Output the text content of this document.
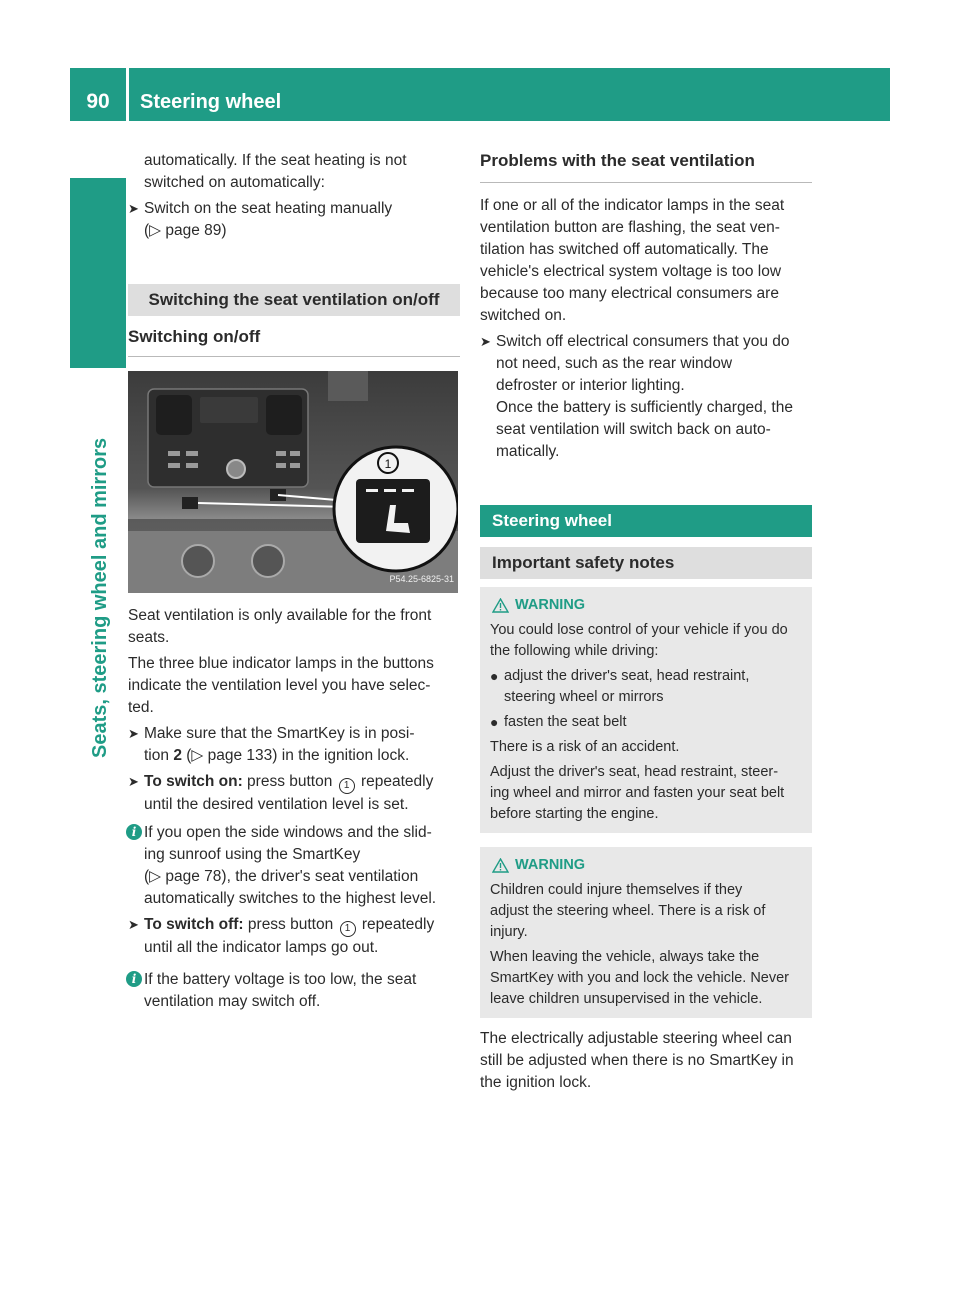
90	Steering wheel
Seats, steering wheel and mirrors

automatically. If the seat heating is not

switched on automatically:

➤ Switch on the seat heating manually

(▷ page 89)

Switching the seat ventilation on/off
Switching on/off
1
P54.25-6825-31

Seat ventilation is only available for the front

seats.

The three blue indicator lamps in the buttons

indicate the ventilation level you have selec-

ted.

➤ Make sure that the SmartKey is in posi-

tion 2 (▷ page 133) in the ignition lock.

➤ To switch on: press button 1 repeatedly

until the desired ventilation level is set.

i If you open the side windows and the slid-

ing sunroof using the SmartKey

(▷ page 78), the driver's seat ventilation

automatically switches to the highest level.

➤ To switch off: press button 1 repeatedly

until all the indicator lamps go out.

i If the battery voltage is too low, the seat

ventilation may switch off.

Problems with the seat ventilation

If one or all of the indicator lamps in the seat

ventilation button are flashing, the seat ven-

tilation has switched off automatically. The

vehicle's electrical system voltage is too low

because too many electrical consumers are

switched on.

➤ Switch off electrical consumers that you do

not need, such as the rear window

defroster or interior lighting.

Once the battery is sufficiently charged, the

seat ventilation will switch back on auto-

matically.

Steering wheel
Important safety notes
WARNING

You could lose control of your vehicle if you do

the following while driving:

● adjust the driver's seat, head restraint,

steering wheel or mirrors

● fasten the seat belt

There is a risk of an accident.

Adjust the driver's seat, head restraint, steer-

ing wheel and mirror and fasten your seat belt

before starting the engine.

WARNING

Children could injure themselves if they

adjust the steering wheel. There is a risk of

injury.

When leaving the vehicle, always take the

SmartKey with you and lock the vehicle. Never

leave children unsupervised in the vehicle.

The electrically adjustable steering wheel can

still be adjusted when there is no SmartKey in

the ignition lock.
